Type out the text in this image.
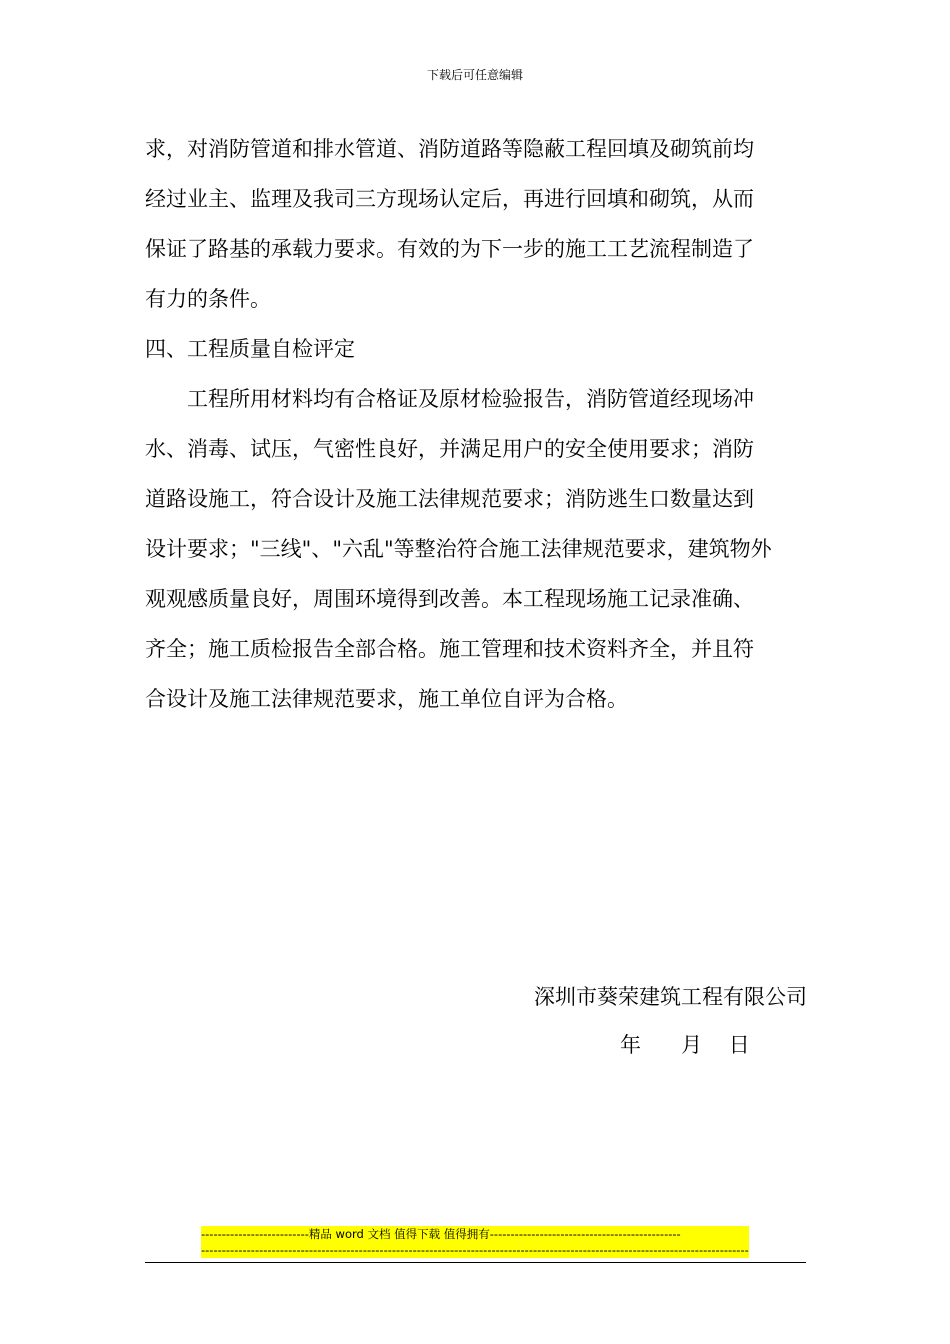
下载后可任意编辑
求，对消防管道和排水管道、消防道路等隐蔽工程回填及砌筑前均
经过业主、监理及我司三方现场认定后，再进行回填和砌筑，从而
保证了路基的承载力要求。有效的为下一步的施工工艺流程制造了
有力的条件。
四、工程质量自检评定
工程所用材料均有合格证及原材检验报告，消防管道经现场冲
水、消毒、试压，气密性良好，并满足用户的安全使用要求；消防
道路设施工，符合设计及施工法律规范要求；消防逃生口数量达到
设计要求；"三线"、"六乱"等整治符合施工法律规范要求，建筑物外
观观感质量良好，周围环境得到改善。本工程现场施工记录准确、
齐全；施工质检报告全部合格。施工管理和技术资料齐全，并且符
合设计及施工法律规范要求，施工单位自评为合格。
深圳市葵荣建筑工程有限公司
年 月 日
--------------------------精品 word 文档 值得下载 值得拥有----------------------------------------------
------------------------------------------------------------------------------------------------------------------------------------
